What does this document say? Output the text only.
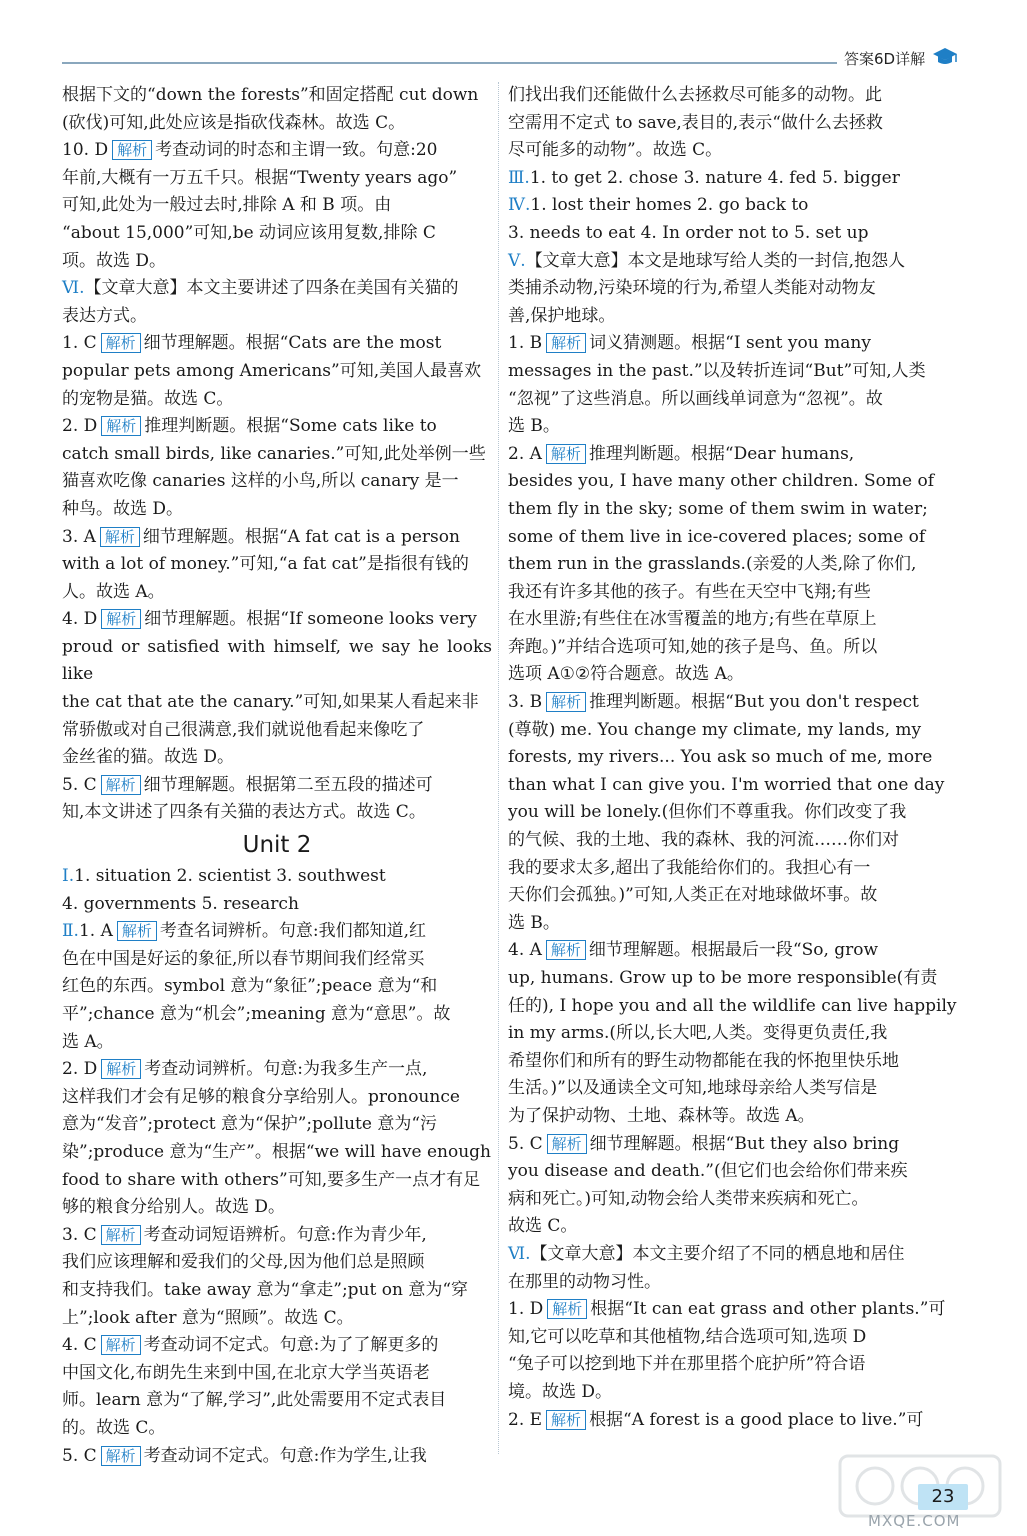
答案6D详解
根据下文的“down the forests”和固定搭配 cut down
(砍伐)可知,此处应该是指砍伐森林。故选 C。
10. D 解析 考查动词的时态和主谓一致。句意:20
年前,大概有一万五千只。根据“Twenty years ago”
可知,此处为一般过去时,排除 A 和 B 项。由
“about 15,000”可知,be 动词应该用复数,排除 C
项。故选 D。
Ⅵ.【文章大意】本文主要讲述了四条在美国有关猫的
表达方式。
1. C 解析 细节理解题。根据“Cats are the most
popular pets among Americans”可知,美国人最喜欢
的宠物是猫。故选 C。
2. D 解析 推理判断题。根据“Some cats like to
catch small birds, like canaries.”可知,此处举例一些
猫喜欢吃像 canaries 这样的小鸟,所以 canary 是一
种鸟。故选 D。
3. A 解析 细节理解题。根据“A fat cat is a person
with a lot of money.”可知,“a fat cat”是指很有钱的
人。故选 A。
4. D 解析 细节理解题。根据“If someone looks very
proud or satisfied with himself, we say he looks like
the cat that ate the canary.”可知,如果某人看起来非
常骄傲或对自己很满意,我们就说他看起来像吃了
金丝雀的猫。故选 D。
5. C 解析 细节理解题。根据第二至五段的描述可
知,本文讲述了四条有关猫的表达方式。故选 C。
Unit 2
Ⅰ.1. situation 2. scientist 3. southwest
4. governments 5. research
Ⅱ.1. A 解析 考查名词辨析。句意:我们都知道,红
色在中国是好运的象征,所以春节期间我们经常买
红色的东西。symbol 意为“象征”;peace 意为“和
平”;chance 意为“机会”;meaning 意为“意思”。故
选 A。
2. D 解析 考查动词辨析。句意:为我多生产一点,
这样我们才会有足够的粮食分享给别人。pronounce
意为“发音”;protect 意为“保护”;pollute 意为“污
染”;produce 意为“生产”。根据“we will have enough
food to share with others”可知,要多生产一点才有足
够的粮食分给别人。故选 D。
3. C 解析 考查动词短语辨析。句意:作为青少年,
我们应该理解和爱我们的父母,因为他们总是照顾
和支持我们。take away 意为“拿走”;put on 意为“穿
上”;look after 意为“照顾”。故选 C。
4. C 解析 考查动词不定式。句意:为了了解更多的
中国文化,布朗先生来到中国,在北京大学当英语老
师。learn 意为“了解,学习”,此处需要用不定式表目
的。故选 C。
5. C 解析 考查动词不定式。句意:作为学生,让我
们找出我们还能做什么去拯救尽可能多的动物。此
空需用不定式 to save,表目的,表示“做什么去拯救
尽可能多的动物”。故选 C。
Ⅲ.1. to get 2. chose 3. nature 4. fed 5. bigger
Ⅳ.1. lost their homes 2. go back to
3. needs to eat 4. In order not to 5. set up
Ⅴ.【文章大意】本文是地球写给人类的一封信,抱怨人
类捕杀动物,污染环境的行为,希望人类能对动物友
善,保护地球。
1. B 解析 词义猜测题。根据“I sent you many
messages in the past.”以及转折连词“But”可知,人类
“忽视”了这些消息。所以画线单词意为“忽视”。故
选 B。
2. A 解析 推理判断题。根据“Dear humans,
besides you, I have many other children. Some of
them fly in the sky; some of them swim in water;
some of them live in ice-covered places; some of
them run in the grasslands.(亲爱的人类,除了你们,
我还有许多其他的孩子。有些在天空中飞翔;有些
在水里游;有些住在冰雪覆盖的地方;有些在草原上
奔跑。)”并结合选项可知,她的孩子是鸟、鱼。所以
选项 A①②符合题意。故选 A。
3. B 解析 推理判断题。根据“But you don't respect
(尊敬) me. You change my climate, my lands, my
forests, my rivers... You ask so much of me, more
than what I can give you. I'm worried that one day
you will be lonely.(但你们不尊重我。你们改变了我
的气候、我的土地、我的森林、我的河流……你们对
我的要求太多,超出了我能给你们的。我担心有一
天你们会孤独。)”可知,人类正在对地球做坏事。故
选 B。
4. A 解析 细节理解题。根据最后一段“So, grow
up, humans. Grow up to be more responsible(有责
任的), I hope you and all the wildlife can live happily
in my arms.(所以,长大吧,人类。变得更负责任,我
希望你们和所有的野生动物都能在我的怀抱里快乐地
生活。)”以及通读全文可知,地球母亲给人类写信是
为了保护动物、土地、森林等。故选 A。
5. C 解析 细节理解题。根据“But they also bring
you disease and death.”(但它们也会给你们带来疾
病和死亡。)可知,动物会给人类带来疾病和死亡。
故选 C。
Ⅵ.【文章大意】本文主要介绍了不同的栖息地和居住
在那里的动物习性。
1. D 解析 根据“It can eat grass and other plants.”可
知,它可以吃草和其他植物,结合选项可知,选项 D
“兔子可以挖到地下并在那里搭个庇护所”符合语
境。故选 D。
2. E 解析 根据“A forest is a good place to live.”可
MXQE.COM
23
